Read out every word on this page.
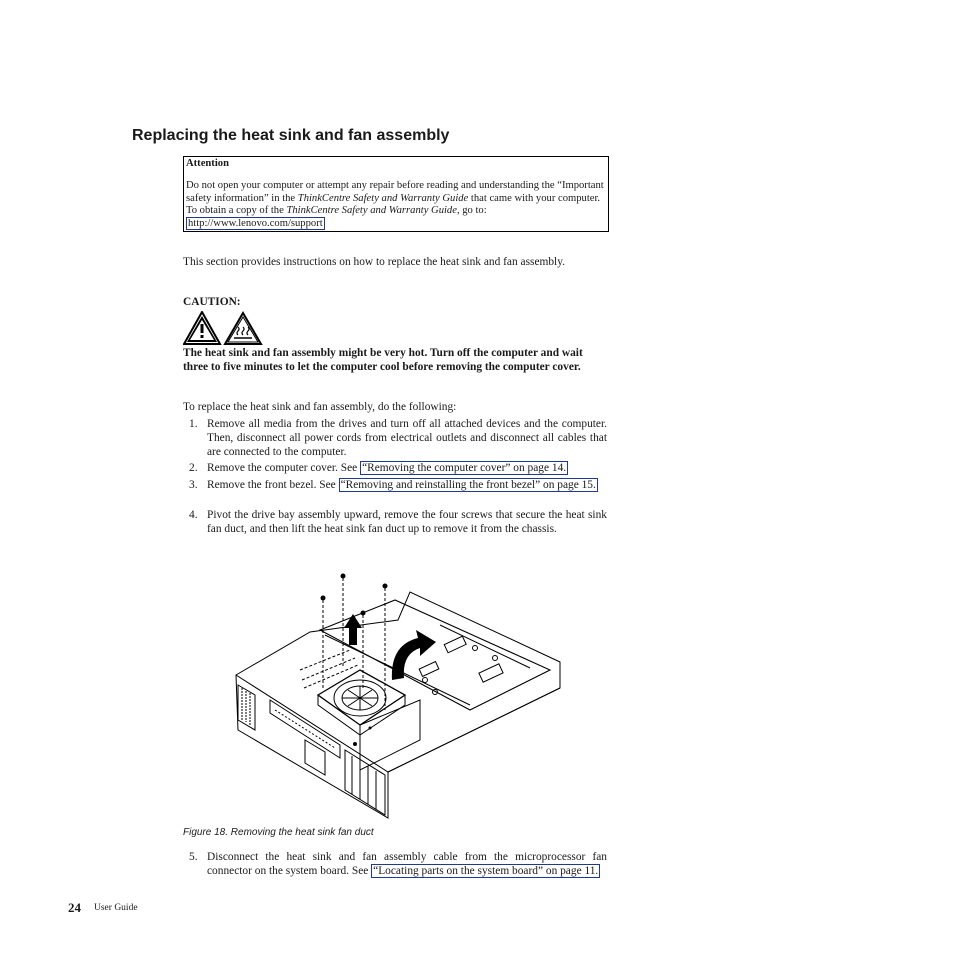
Replacing the heat sink and fan assembly
Attention
Do not open your computer or attempt any repair before reading and understanding the “Important safety information” in the ThinkCentre Safety and Warranty Guide that came with your computer. To obtain a copy of the ThinkCentre Safety and Warranty Guide, go to:
http://www.lenovo.com/support
This section provides instructions on how to replace the heat sink and fan assembly.
CAUTION:
The heat sink and fan assembly might be very hot. Turn off the computer and wait three to five minutes to let the computer cool before removing the computer cover.
To replace the heat sink and fan assembly, do the following:
1. Remove all media from the drives and turn off all attached devices and the computer. Then, disconnect all power cords from electrical outlets and disconnect all cables that are connected to the computer.
2. Remove the computer cover. See “Removing the computer cover” on page 14.
3. Remove the front bezel. See “Removing and reinstalling the front bezel” on page 15.
4. Pivot the drive bay assembly upward, remove the four screws that secure the heat sink fan duct, and then lift the heat sink fan duct up to remove it from the chassis.
Figure 18. Removing the heat sink fan duct
5. Disconnect the heat sink and fan assembly cable from the microprocessor fan connector on the system board. See “Locating parts on the system board” on page 11.
24 User Guide
